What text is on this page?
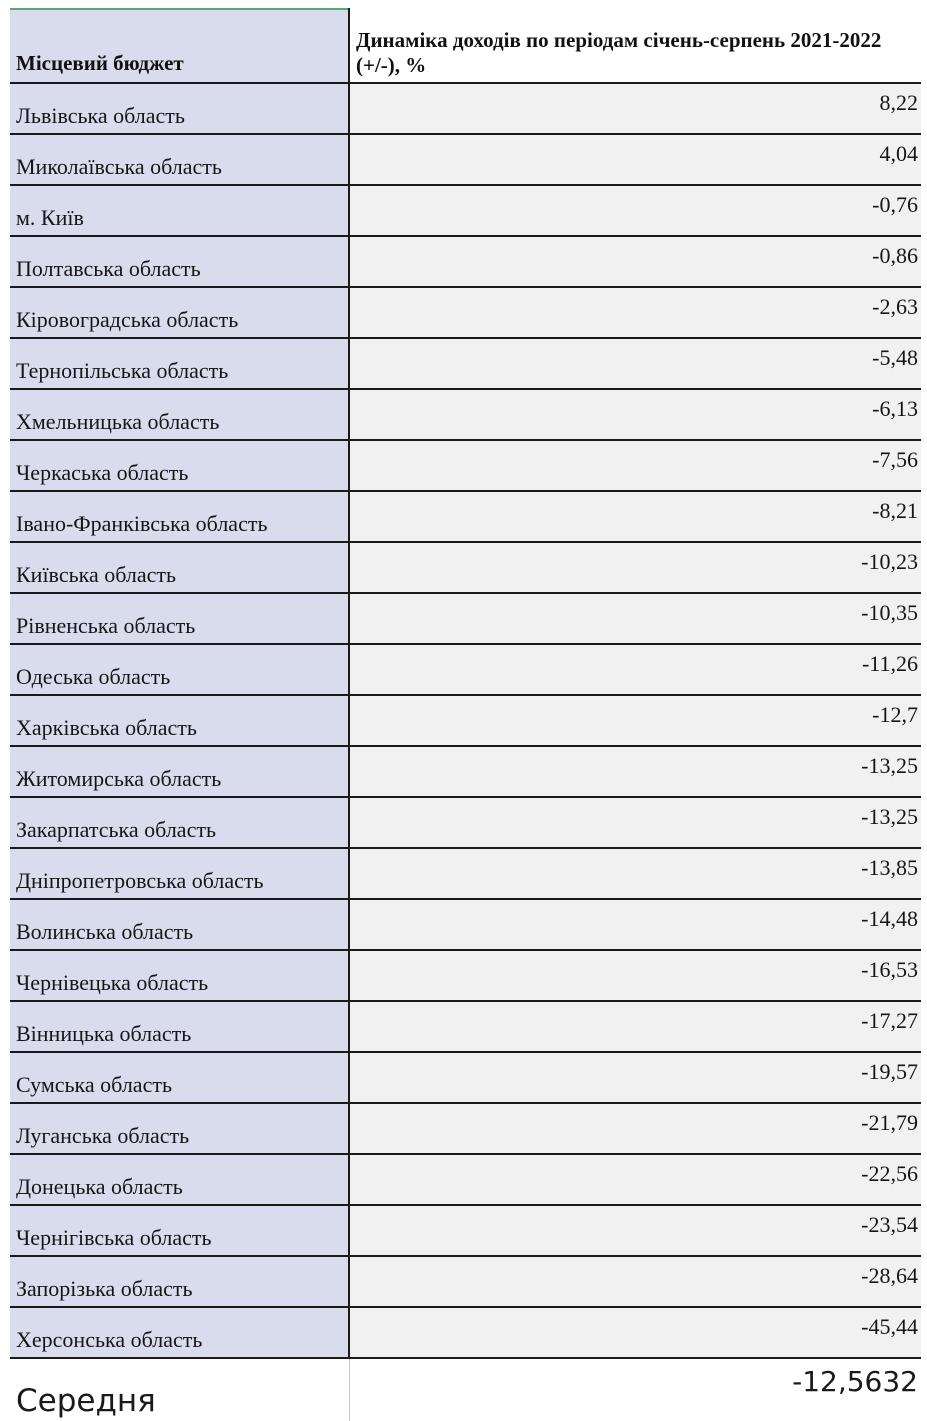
Місцевий бюджет	Динаміка доходів по періодам січень-серпень 2021-2022 (+/-), %
Львівська область	8,22
Миколаївська область	4,04
м. Київ	-0,76
Полтавська область	-0,86
Кіровоградська область	-2,63
Тернопільська область	-5,48
Хмельницька область	-6,13
Черкаська область	-7,56
Івано-Франківська область	-8,21
Київська область	-10,23
Рівненська область	-10,35
Одеська область	-11,26
Харківська область	-12,7
Житомирська область	-13,25
Закарпатська область	-13,25
Дніпропетровська область	-13,85
Волинська область	-14,48
Чернівецька область	-16,53
Вінницька область	-17,27
Сумська область	-19,57
Луганська область	-21,79
Донецька область	-22,56
Чернігівська область	-23,54
Запорізька область	-28,64
Херсонська область	-45,44
Середня	-12,5632
